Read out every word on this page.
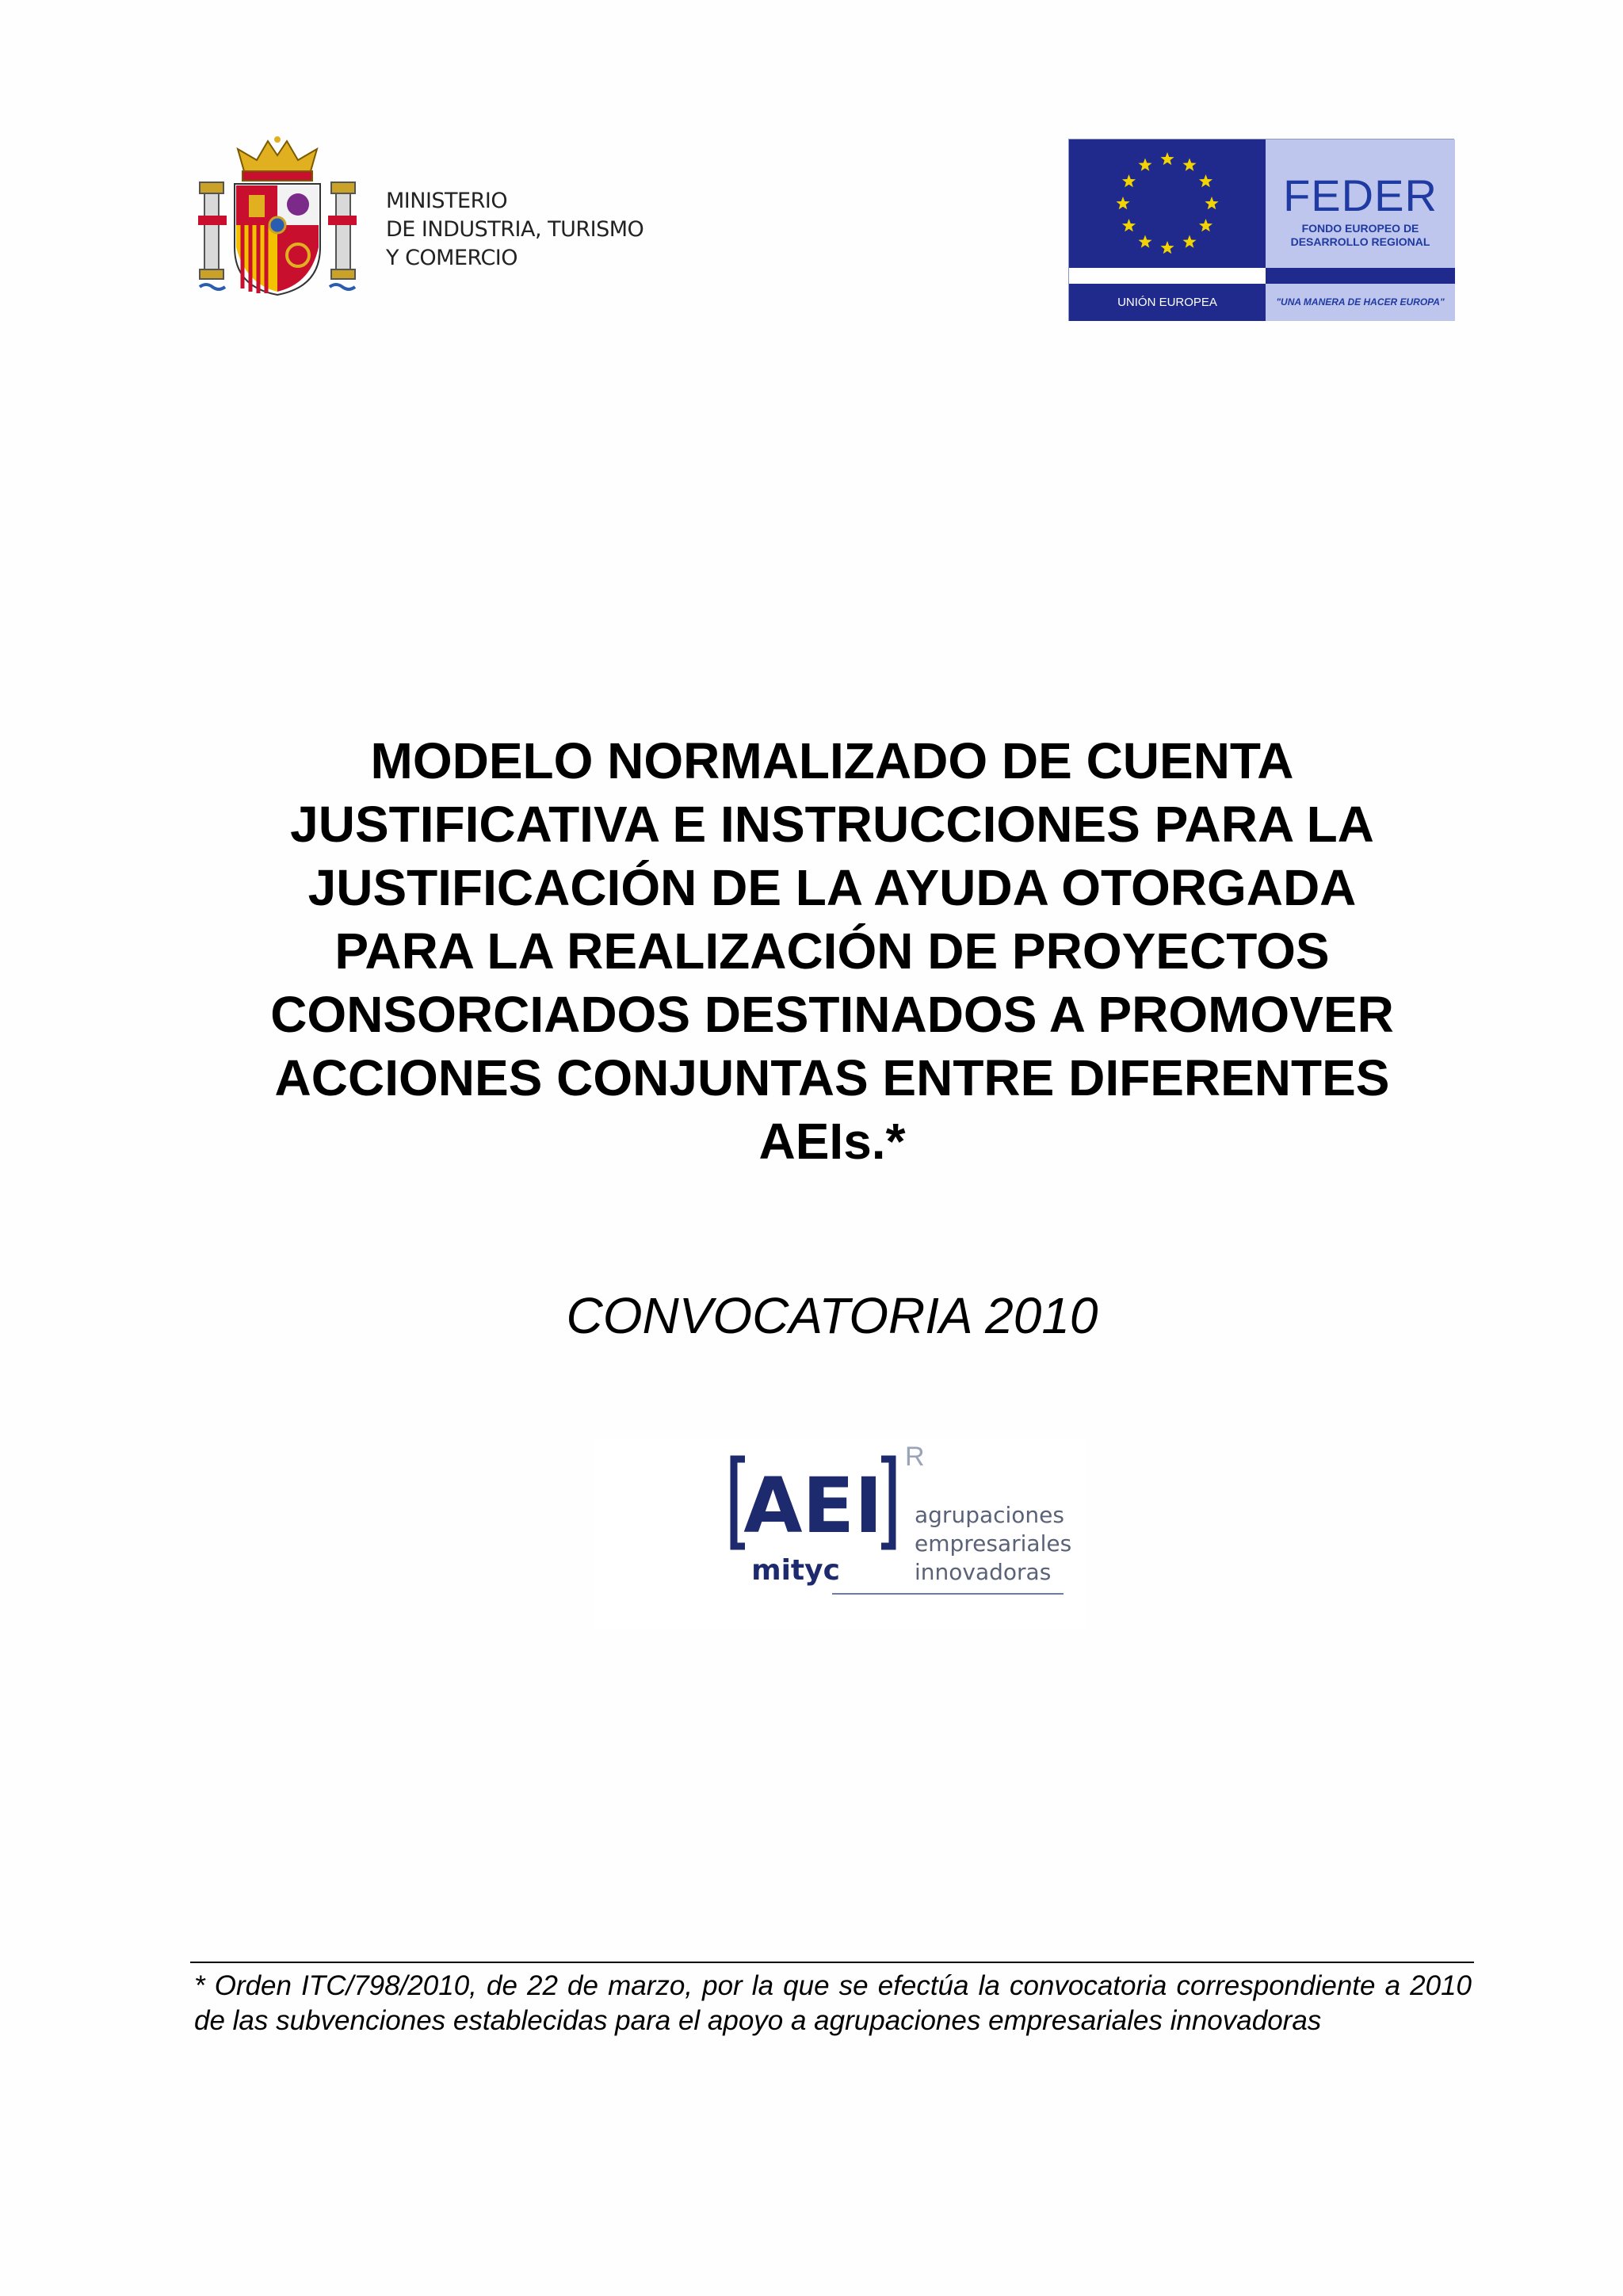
MINISTERIO
DE INDUSTRIA, TURISMO
Y COMERCIO
FEDER
FONDO EUROPEO DE
DESARROLLO REGIONAL
UNIÓN EUROPEA	"UNA MANERA DE HACER EUROPA"
MODELO NORMALIZADO DE CUENTA
JUSTIFICATIVA E INSTRUCCIONES PARA LA
JUSTIFICACIÓN DE LA AYUDA OTORGADA
PARA LA REALIZACIÓN DE PROYECTOS
CONSORCIADOS DESTINADOS A PROMOVER
ACCIONES CONJUNTAS ENTRE DIFERENTES
AEIs.*
CONVOCATORIA 2010
AEI
R
mityc
agrupaciones
empresariales
innovadoras
* Orden ITC/798/2010, de 22 de marzo, por la que se efectúa la convocatoria correspondiente a 2010 de las subvenciones establecidas para el apoyo a agrupaciones empresariales innovadoras
